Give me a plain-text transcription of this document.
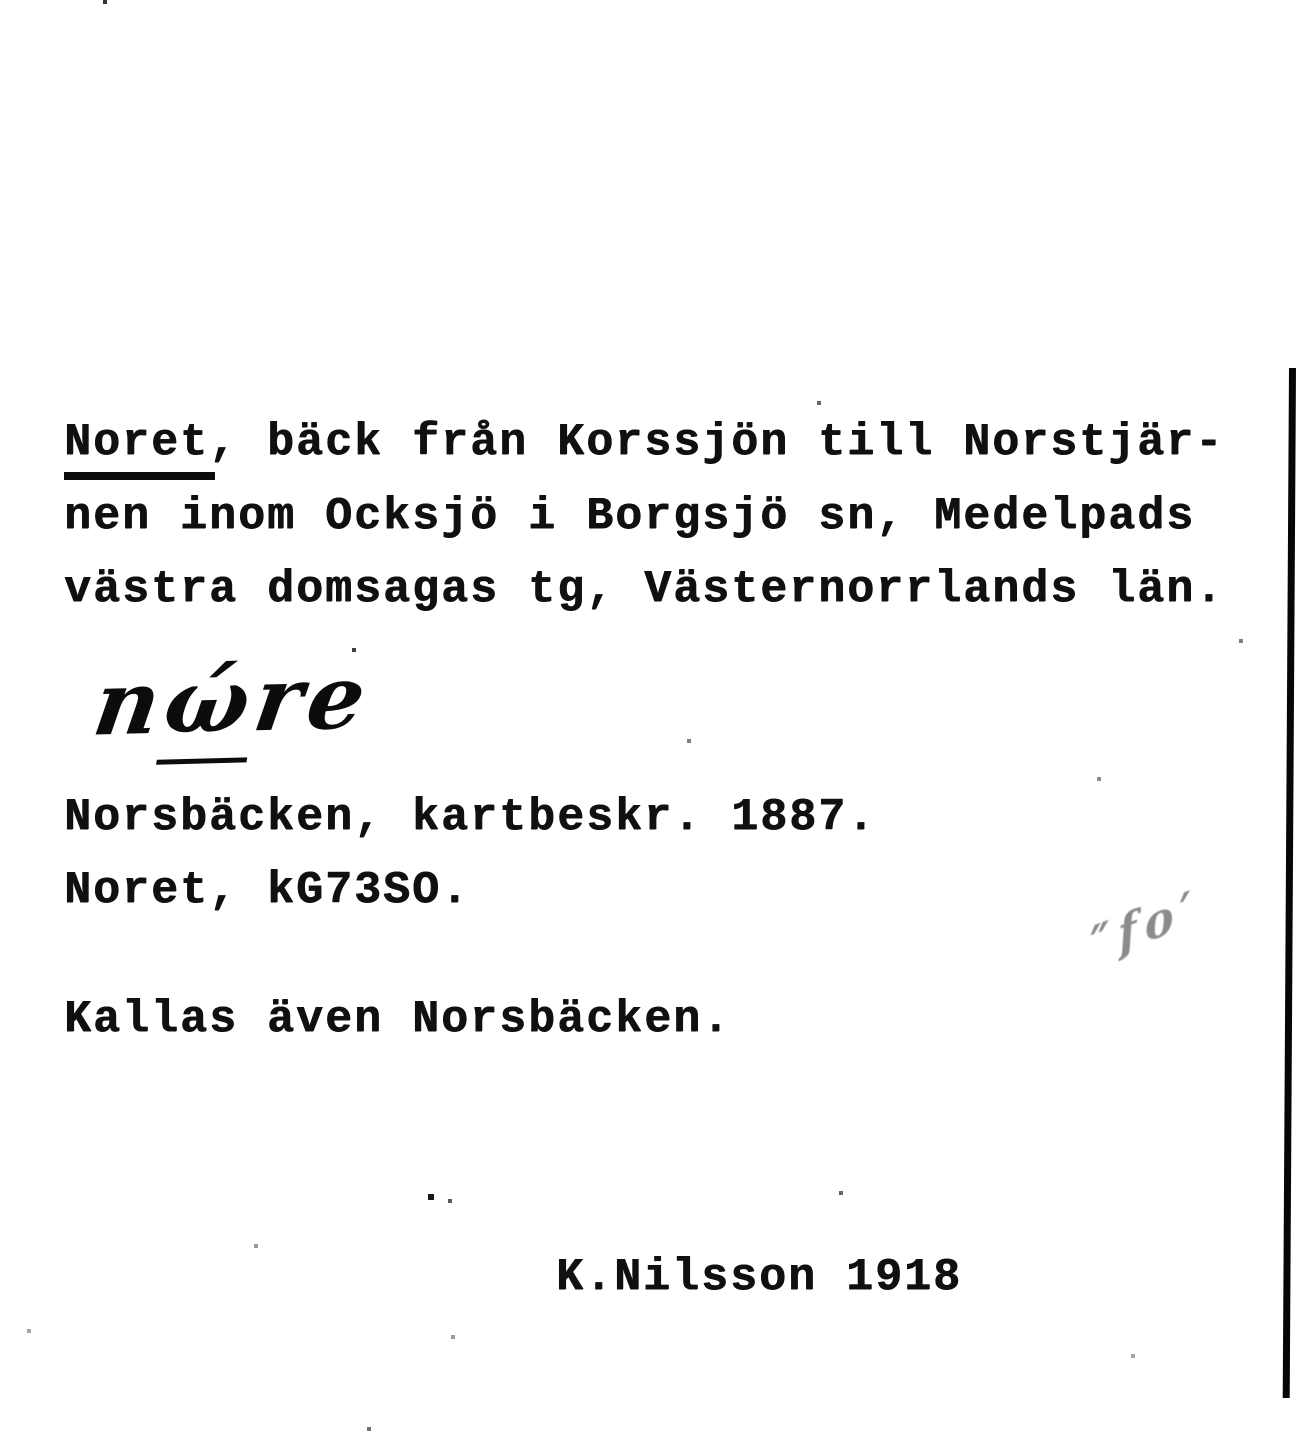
Noret, bäck från Korssjön till Norstjär-
nen inom Ocksjö i Borgsjö sn, Medelpads
västra domsagas tg, Västernorrlands län.
nώre
Norsbäcken, kartbeskr. 1887.
Noret, kG73SO.	″fo′
Kallas även Norsbäcken.
K.Nilsson 1918
